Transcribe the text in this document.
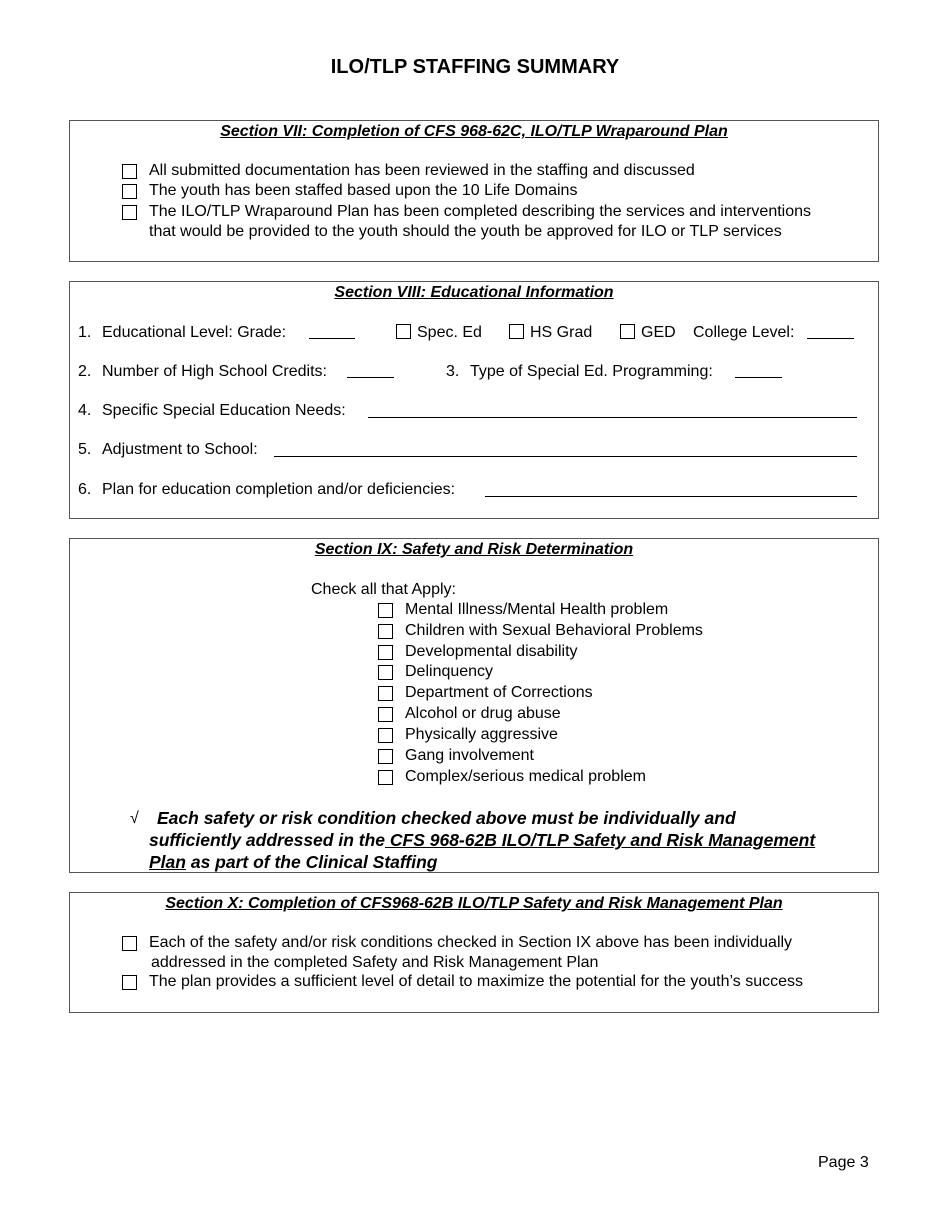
ILO/TLP STAFFING SUMMARY
Section VII: Completion of CFS 968-62C, ILO/TLP Wraparound Plan
All submitted documentation has been reviewed in the staffing and discussed
The youth has been staffed based upon the 10 Life Domains
The ILO/TLP Wraparound Plan has been completed describing the services and interventions
that would be provided to the youth should the youth be approved for ILO or TLP services
Section VIII: Educational Information
1. Educational Level: Grade:	Spec. Ed	HS Grad	GED College Level:
2. Number of High School Credits:	3. Type of Special Ed. Programming:
4. Specific Special Education Needs:
5. Adjustment to School:
6. Plan for education completion and/or deficiencies:
Section IX: Safety and Risk Determination
Check all that Apply:
Mental Illness/Mental Health problem
Children with Sexual Behavioral Problems
Developmental disability
Delinquency
Department of Corrections
Alcohol or drug abuse
Physically aggressive
Gang involvement
Complex/serious medical problem
√ Each safety or risk condition checked above must be individually and
sufficiently addressed in the CFS 968-62B ILO/TLP Safety and Risk Management
Plan as part of the Clinical Staffing
Section X: Completion of CFS968-62B ILO/TLP Safety and Risk Management Plan
Each of the safety and/or risk conditions checked in Section IX above has been individually
addressed in the completed Safety and Risk Management Plan
The plan provides a sufficient level of detail to maximize the potential for the youth’s success
Page 3
